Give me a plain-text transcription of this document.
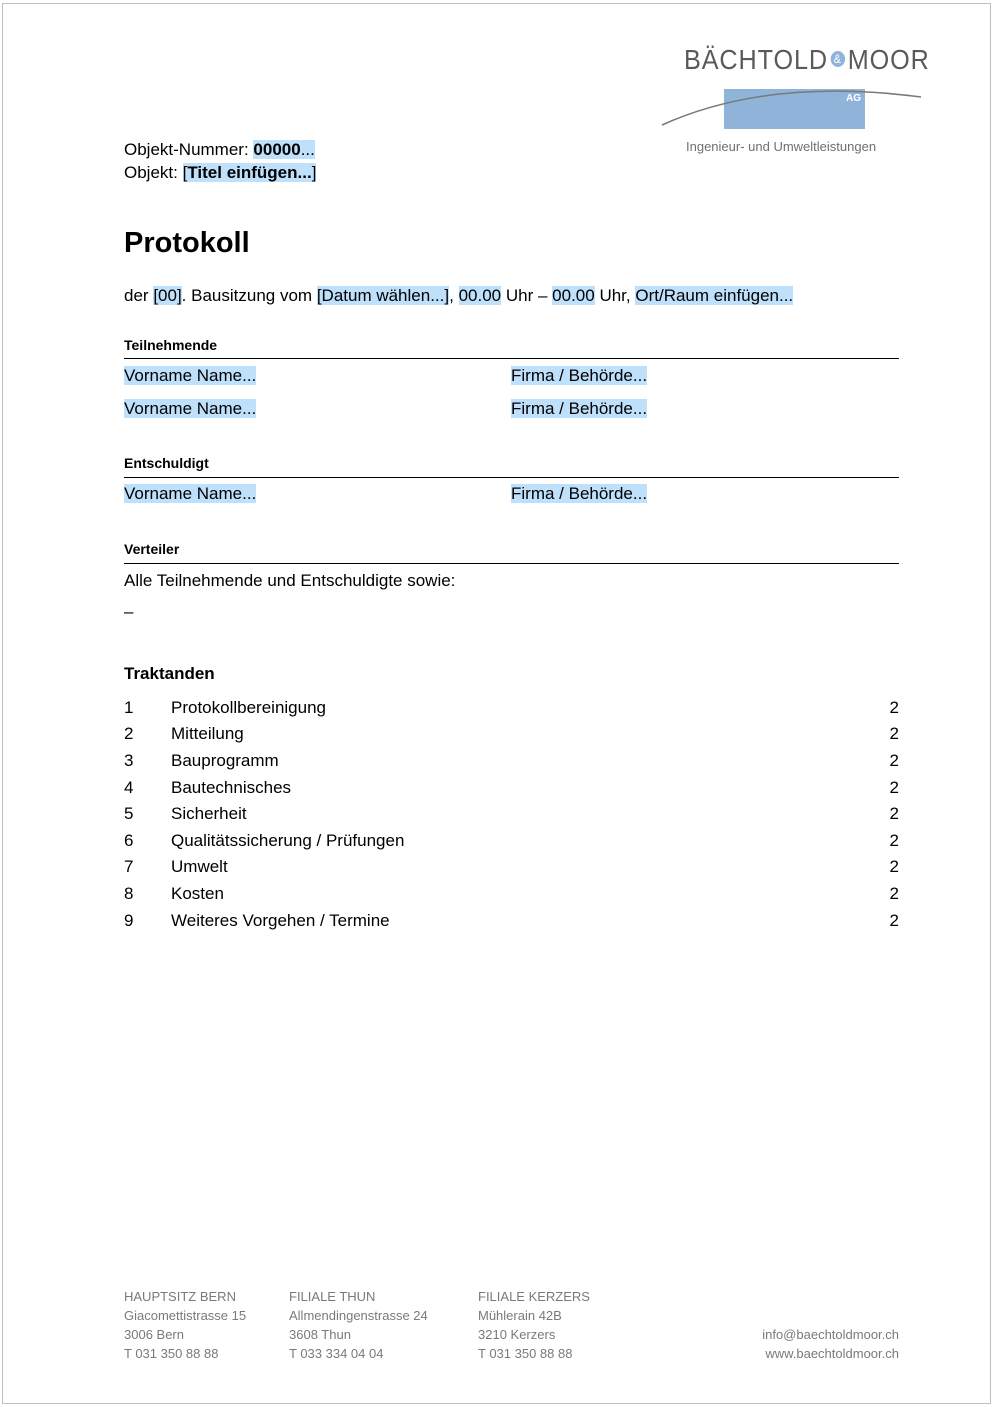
BÄCHTOLD & MOOR
AG
Ingenieur- und Umweltleistungen
Objekt-Nummer: 00000...
Objekt: [Titel einfügen...]
Protokoll
der [00]. Bausitzung vom [Datum wählen...], 00.00 Uhr – 00.00 Uhr, Ort/Raum einfügen...
Teilnehmende
Vorname Name...	Firma / Behörde...
Vorname Name...	Firma / Behörde...
Entschuldigt
Vorname Name...	Firma / Behörde...
Verteiler
Alle Teilnehmende und Entschuldigte sowie:
–
Traktanden
1 Protokollbereinigung	2
2 Mitteilung	2
3 Bauprogramm	2
4 Bautechnisches	2
5 Sicherheit	2
6 Qualitätssicherung / Prüfungen	2
7 Umwelt	2
8 Kosten	2
9 Weiteres Vorgehen / Termine	2
HAUPTSITZ BERN
Giacomettistrasse 15
3006 Bern
T 031 350 88 88
FILIALE THUN
Allmendingenstrasse 24
3608 Thun
T 033 334 04 04
FILIALE KERZERS
Mühlerain 42B
3210 Kerzers
T 031 350 88 88
info@baechtoldmoor.ch
www.baechtoldmoor.ch
